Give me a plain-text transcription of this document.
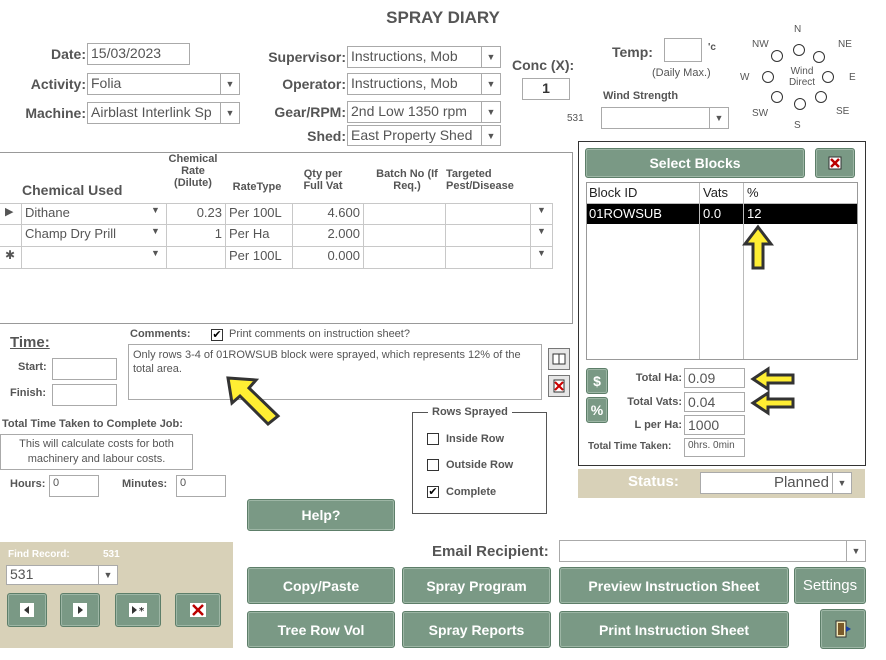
SPRAY DIARY
Date: 15/03/2023
Activity: Folia	▼
Machine: Airblast Interlink Sp	▼
Supervisor: Instructions, Mob	▼
Operator: Instructions, Mob	▼
Gear/RPM: 2nd Low 1350 rpm	▼
Shed: East Property Shed	▼
Conc (X):
1
531
Temp:	'c
(Daily Max.)
Wind Strength
▼
N
NE
E
SE
S
SW
W
NW
Wind Direct
Chemical Used
Chemical Rate (Dilute)	RateType
Qty per Full Vat
Batch No (If Req.)
Targeted Pest/Disease
▶ Dithane	▼	0.23 Per 100L	4.600	▼
Champ Dry Prill	▼	1 Per Ha	2.000	▼
✱	▼	Per 100L	0.000	▼
Time:
Start:
Finish:
Total Time Taken to Complete Job:
This will calculate costs for both machinery and labour costs.
Hours: 0	Minutes:	0
Comments: ✔ Print comments on instruction sheet?
Only rows 3-4 of 01ROWSUB block were sprayed, which represents 12% of the total area.
Rows Sprayed
Inside Row
Outside Row
✔ Complete
Select Blocks
Block ID	Vats %
01ROWSUB	0.0 12
$
%
Total Ha: 0.09
Total Vats: 0.04
L per Ha: 1000
Total Time Taken:	0hrs. 0min
Status:	Planned ▼
Help?
Find Record:	531
531	▼
*
Email Recipient:	▼
Copy/Paste	Spray Program	Preview Instruction Sheet	Settings
Tree Row Vol	Spray Reports	Print Instruction Sheet
